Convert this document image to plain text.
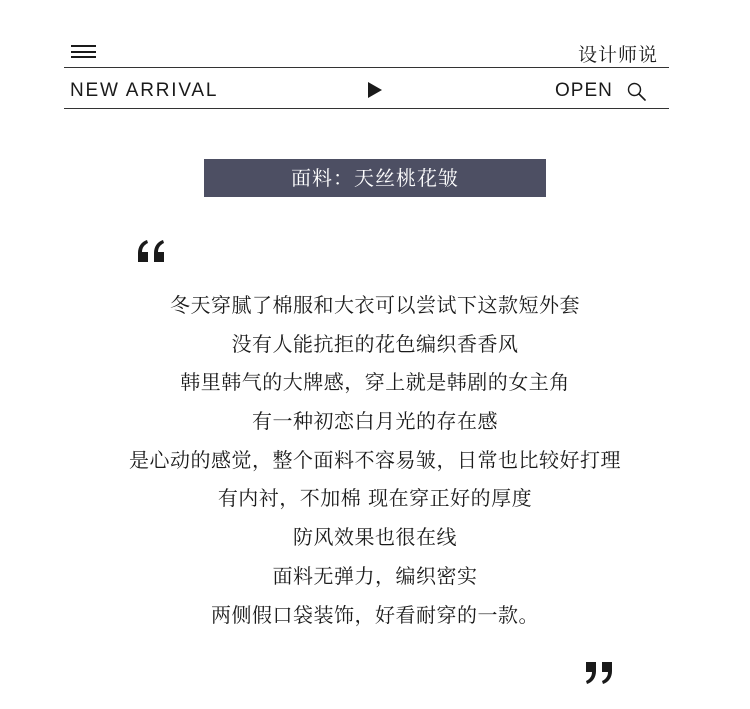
设计师说
NEW ARRIVAL	OPEN
面料：天丝桃花皱
冬天穿腻了棉服和大衣可以尝试下这款短外套
没有人能抗拒的花色编织香香风
韩里韩气的大牌感，穿上就是韩剧的女主角
有一种初恋白月光的存在感
是心动的感觉，整个面料不容易皱，日常也比较好打理
有内衬，不加棉 现在穿正好的厚度
防风效果也很在线
面料无弹力，编织密实
两侧假口袋装饰，好看耐穿的一款。
